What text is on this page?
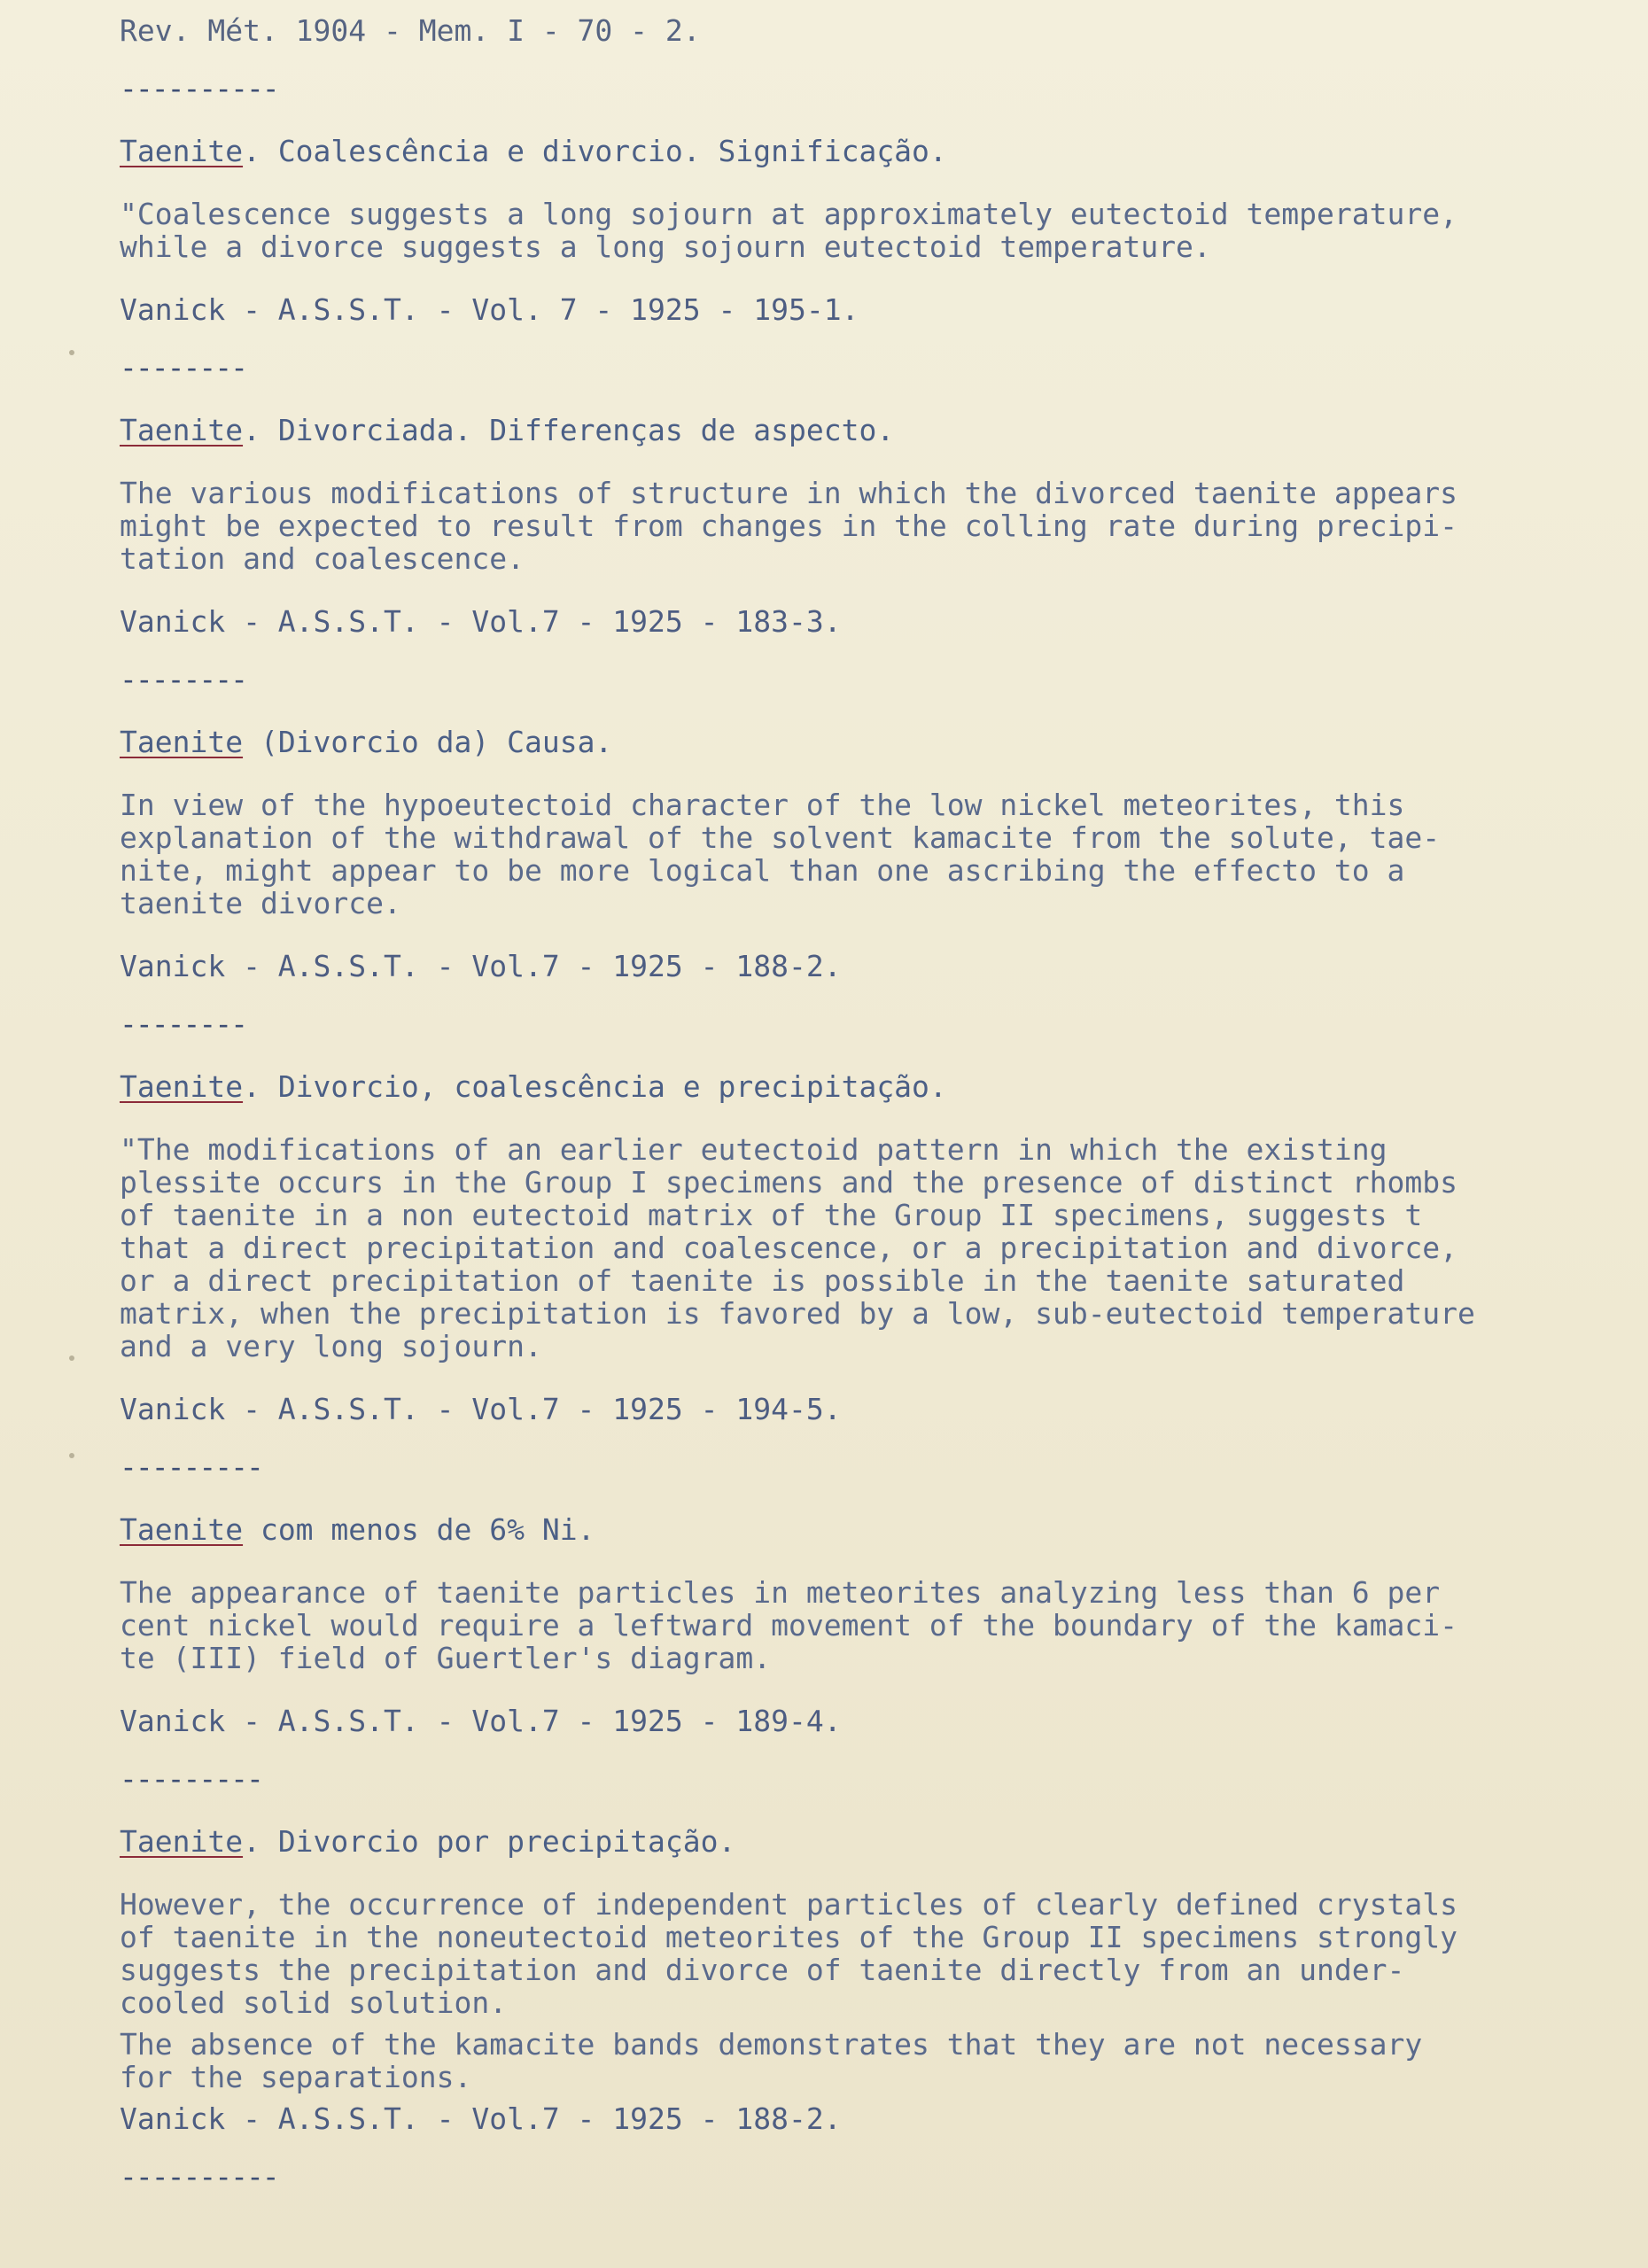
Rev. Mét. 1904 - Mem. I - 70 - 2.

----------

Taenite. Coalescência e divorcio. Significação.

"Coalescence suggests a long sojourn at approximately eutectoid temperature,

while a divorce suggests a long sojourn eutectoid temperature.

Vanick - A.S.S.T. - Vol. 7 - 1925 - 195-1.

--------

Taenite. Divorciada. Differenças de aspecto.

The various modifications of structure in which the divorced taenite appears

might be expected to result from changes in the colling rate during precipi-

tation and coalescence.

Vanick - A.S.S.T. - Vol.7 - 1925 - 183-3.

--------

Taenite (Divorcio da) Causa.

In view of the hypoeutectoid character of the low nickel meteorites, this

explanation of the withdrawal of the solvent kamacite from the solute, tae-

nite, might appear to be more logical than one ascribing the effecto to a

taenite divorce.

Vanick - A.S.S.T. - Vol.7 - 1925 - 188-2.

--------

Taenite. Divorcio, coalescência e precipitação.

"The modifications of an earlier eutectoid pattern in which the existing

plessite occurs in the Group I specimens and the presence of distinct rhombs

of taenite in a non eutectoid matrix of the Group II specimens, suggests t

that a direct precipitation and coalescence, or a precipitation and divorce,

or a direct precipitation of taenite is possible in the taenite saturated

matrix, when the precipitation is favored by a low, sub-eutectoid temperature

and a very long sojourn.

Vanick - A.S.S.T. - Vol.7 - 1925 - 194-5.

---------

Taenite com menos de 6% Ni.

The appearance of taenite particles in meteorites analyzing less than 6 per

cent nickel would require a leftward movement of the boundary of the kamaci-

te (III) field of Guertler's diagram.

Vanick - A.S.S.T. - Vol.7 - 1925 - 189-4.

---------

Taenite. Divorcio por precipitação.

However, the occurrence of independent particles of clearly defined crystals

of taenite in the noneutectoid meteorites of the Group II specimens strongly

suggests the precipitation and divorce of taenite directly from an under-

cooled solid solution.

The absence of the kamacite bands demonstrates that they are not necessary

for the separations.

Vanick - A.S.S.T. - Vol.7 - 1925 - 188-2.

----------
